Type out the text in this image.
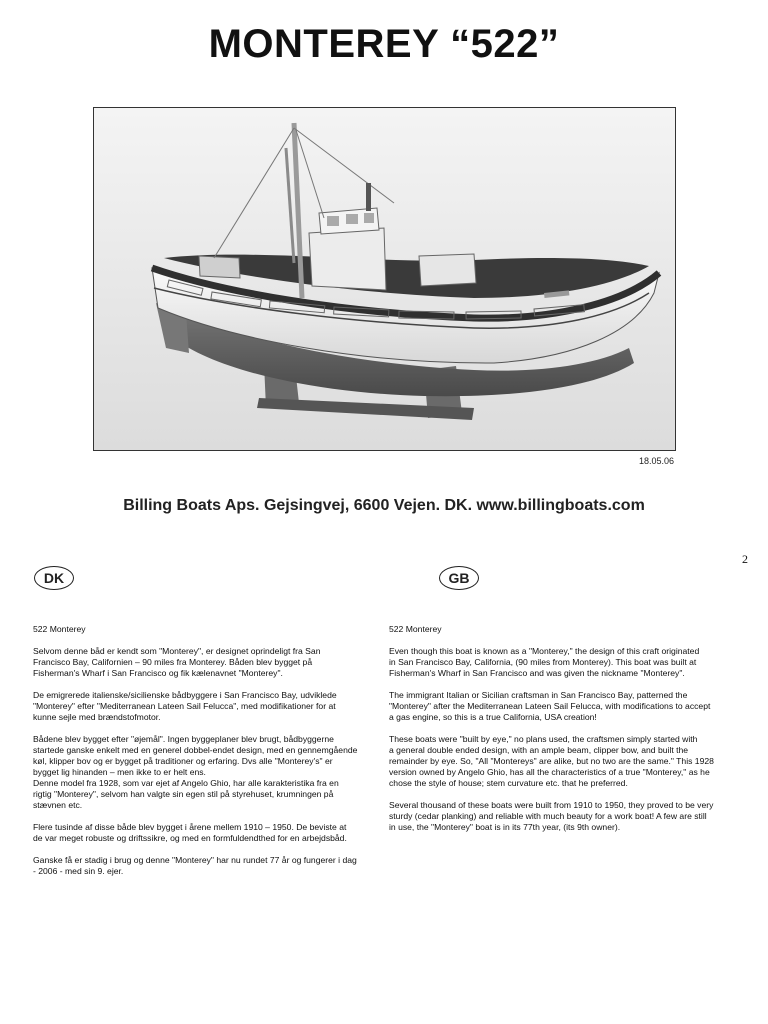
MONTEREY “522”
18.05.06
Billing Boats Aps. Gejsingvej, 6600 Vejen. DK. www.billingboats.com
2
DK	GB

522 Monterey

Selvom denne båd er kendt som "Monterey", er designet oprindeligt fra San
Francisco Bay, Californien – 90 miles fra Monterey. Båden blev bygget på
Fisherman's Wharf i San Francisco og fik kælenavnet "Monterey".

De emigrerede italienske/sicilienske bådbyggere i San Francisco Bay, udviklede
"Monterey" efter "Mediterranean Lateen Sail Felucca", med modifikationer for at
kunne sejle med brændstofmotor.

Bådene blev bygget efter "øjemål". Ingen byggeplaner blev brugt, bådbyggerne
startede ganske enkelt med en generel dobbel-endet design, med en gennemgående
køl, klipper bov og er bygget på traditioner og erfaring. Dvs alle "Monterey's" er
bygget lig hinanden – men ikke to er helt ens.
Denne model fra 1928, som var ejet af Angelo Ghio, har alle karakteristika fra en
rigtig "Monterey", selvom han valgte sin egen stil på styrehuset, krumningen på
stævnen etc.

Flere tusinde af disse både blev bygget i årene mellem 1910 – 1950. De beviste at
de var meget robuste og driftssikre, og med en formfuldendthed for en arbejdsbåd.

Ganske få er stadig i brug og denne "Monterey" har nu rundet 77 år og fungerer i dag
- 2006 - med sin 9. ejer.

522 Monterey

Even though this boat is known as a "Monterey," the design of this craft originated
in San Francisco Bay, California, (90 miles from Monterey). This boat was built at
Fisherman's Wharf in San Francisco and was given the nickname "Monterey".

The immigrant Italian or Sicilian craftsman in San Francisco Bay, patterned the
"Monterey" after the Mediterranean Lateen Sail Felucca, with modifications to accept
a gas engine, so this is a true California, USA creation!

These boats were "built by eye," no plans used, the craftsmen simply started with
a general double ended design, with an ample beam, clipper bow, and built the
remainder by eye. So, "All "Montereys" are alike, but no two are the same." This 1928
version owned by Angelo Ghio, has all the characteristics of a true "Monterey," as he
chose the style of house; stem curvature etc. that he preferred.

Several thousand of these boats were built from 1910 to 1950, they proved to be very
sturdy (cedar planking) and reliable with much beauty for a work boat! A few are still
in use, the "Monterey" boat is in its 77th year, (its 9th owner).
